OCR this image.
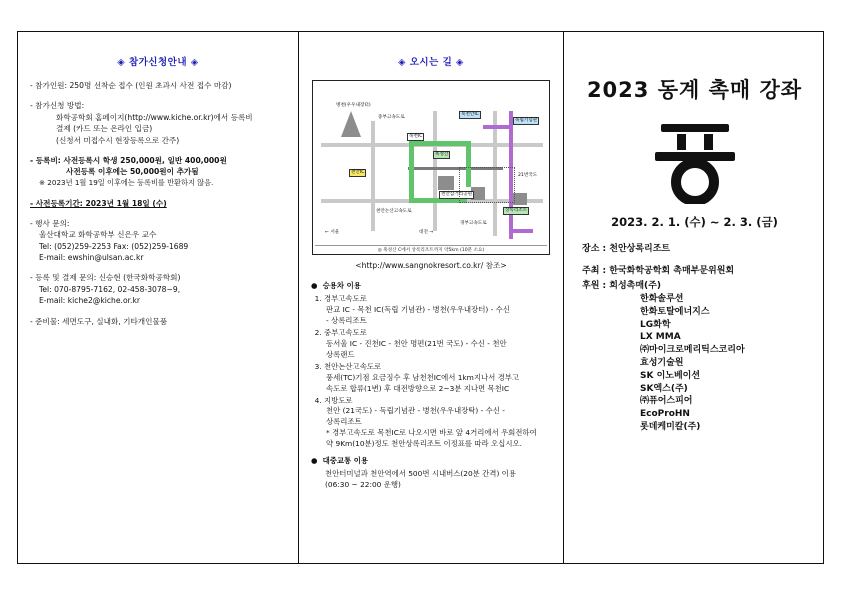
◈ 참가신청안내 ◈
- 참가인원: 250명 선착순 접수 (인원 초과시 사전 접수 마감)
- 참가신청 방법:
화학공학회 홈페이지(http://www.kiche.or.kr)에서 등록비
결제 (카드 또는 온라인 입금)
(신청서 미접수시 현장등록으로 간주)
- 등록비: 사전등록시 학생 250,000원, 일반 400,000원
사전등록 이후에는 50,000원이 추가됨
※ 2023년 1월 19일 이후에는 등록비를 반환하지 않음.
- 사전등록기간: 2023년 1월 18일 (수)
- 행사 문의:
울산대학교 화학공학부 신은우 교수
Tel: (052)259-2253 Fax: (052)259-1689
E-mail: ewshin@ulsan.ac.kr
- 등록 및 결제 문의: 신승현 (한국화학공학회)
Tel: 070-8795-7162, 02-458-3078~9,
E-mail: kiche2@kiche.or.kr
- 준비물: 세면도구, 실내화, 기타개인물품
◈ 오시는 길 ◈
병천(우우내장터)
북천안IC
독립기념관
목천IC
흑성산
천안IC
천안삼거리공원
상록리조트
천안논산고속도로
경부고속도로
중부고속도로
21번국도
← 서울	대전 →
◎ 흑성산 C에서 상록리조트까지 약5km (10분 소요)
<http://www.sangnokresort.co.kr/ 참조>
●  승용차 이용
1. 경부고속도로
판교 IC - 목천 IC(독립 기념관) - 병천(우우내장터) - 수신
- 상록리조트
2. 중부고속도로
동서울 IC - 진천IC - 천안 명편(21번 국도) - 수신 - 천안
상록랜드
3. 천안논산고속도로
풍세(TC)기점 요금징수 후 남천천IC에서 1km지나서 경부고
속도로 합류(1변) 후 대전방향으로 2~3분 지나면 목천IC
4. 지방도로
천안 (21국도) - 독립기념관 - 병천(우우내장탁) - 수신 -
상록리조트
* 경부고속도로 목천IC로 나오시면 바로 앞 4거리에서 우회전하여
약 9Km(10분)정도 천안상록리조트 이정표를 따라 오십시오.
●  대중교통 이용
천안터미널과 천안역에서 500번 시내버스(20분 간격) 이용
(06:30 ~ 22:00 운행)
2023 동계 촉매 강좌
2023. 2. 1. (수) ~ 2. 3. (금)
장소 : 천안상록리조트
주최 : 한국화학공학회 촉매부문위원회
후원 : 희성촉매(주)
한화솔루션
한화토탈에너지스
LG화학
LX MMA
㈜마이크로메리틱스코리아
효성기술원
SK 이노베이션
SK엑스(주)
㈜퓨어스피어
EcoProHN
롯데케미칼(주)
